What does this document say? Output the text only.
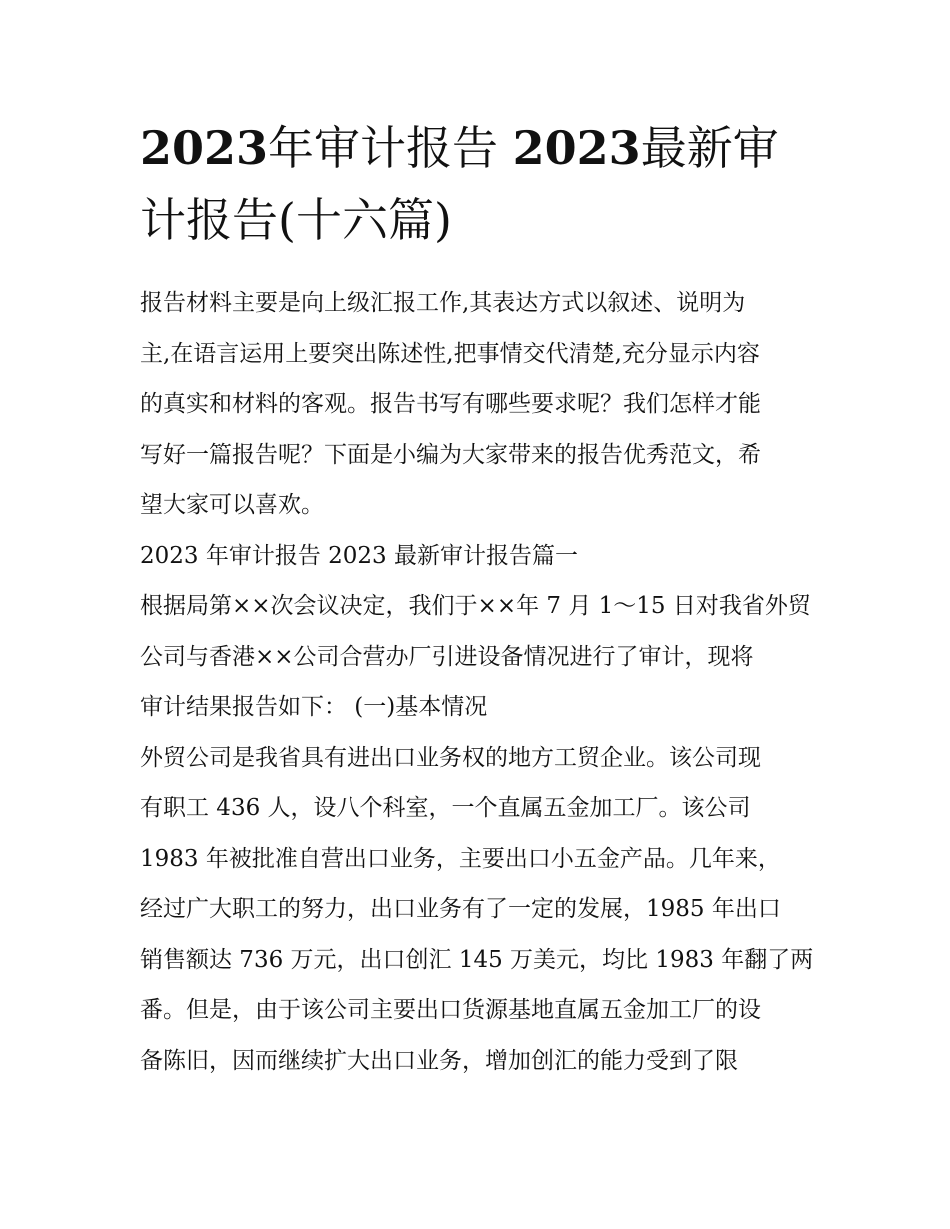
2023年审计报告 2023最新审
计报告(十六篇)
报告材料主要是向上级汇报工作,其表达方式以叙述、说明为
主,在语言运用上要突出陈述性,把事情交代清楚,充分显示内容
的真实和材料的客观。报告书写有哪些要求呢？我们怎样才能
写好一篇报告呢？下面是小编为大家带来的报告优秀范文，希
望大家可以喜欢。
2023 年审计报告 2023 最新审计报告篇一
根据局第××次会议决定，我们于××年 7 月 1～15 日对我省外贸
公司与香港××公司合营办厂引进设备情况进行了审计，现将
审计结果报告如下： (一)基本情况
外贸公司是我省具有进出口业务权的地方工贸企业。该公司现
有职工 436 人，设八个科室，一个直属五金加工厂。该公司
1983 年被批准自营出口业务，主要出口小五金产品。几年来，
经过广大职工的努力，出口业务有了一定的发展，1985 年出口
销售额达 736 万元，出口创汇 145 万美元，均比 1983 年翻了两
番。但是，由于该公司主要出口货源基地直属五金加工厂的设
备陈旧，因而继续扩大出口业务，增加创汇的能力受到了限
